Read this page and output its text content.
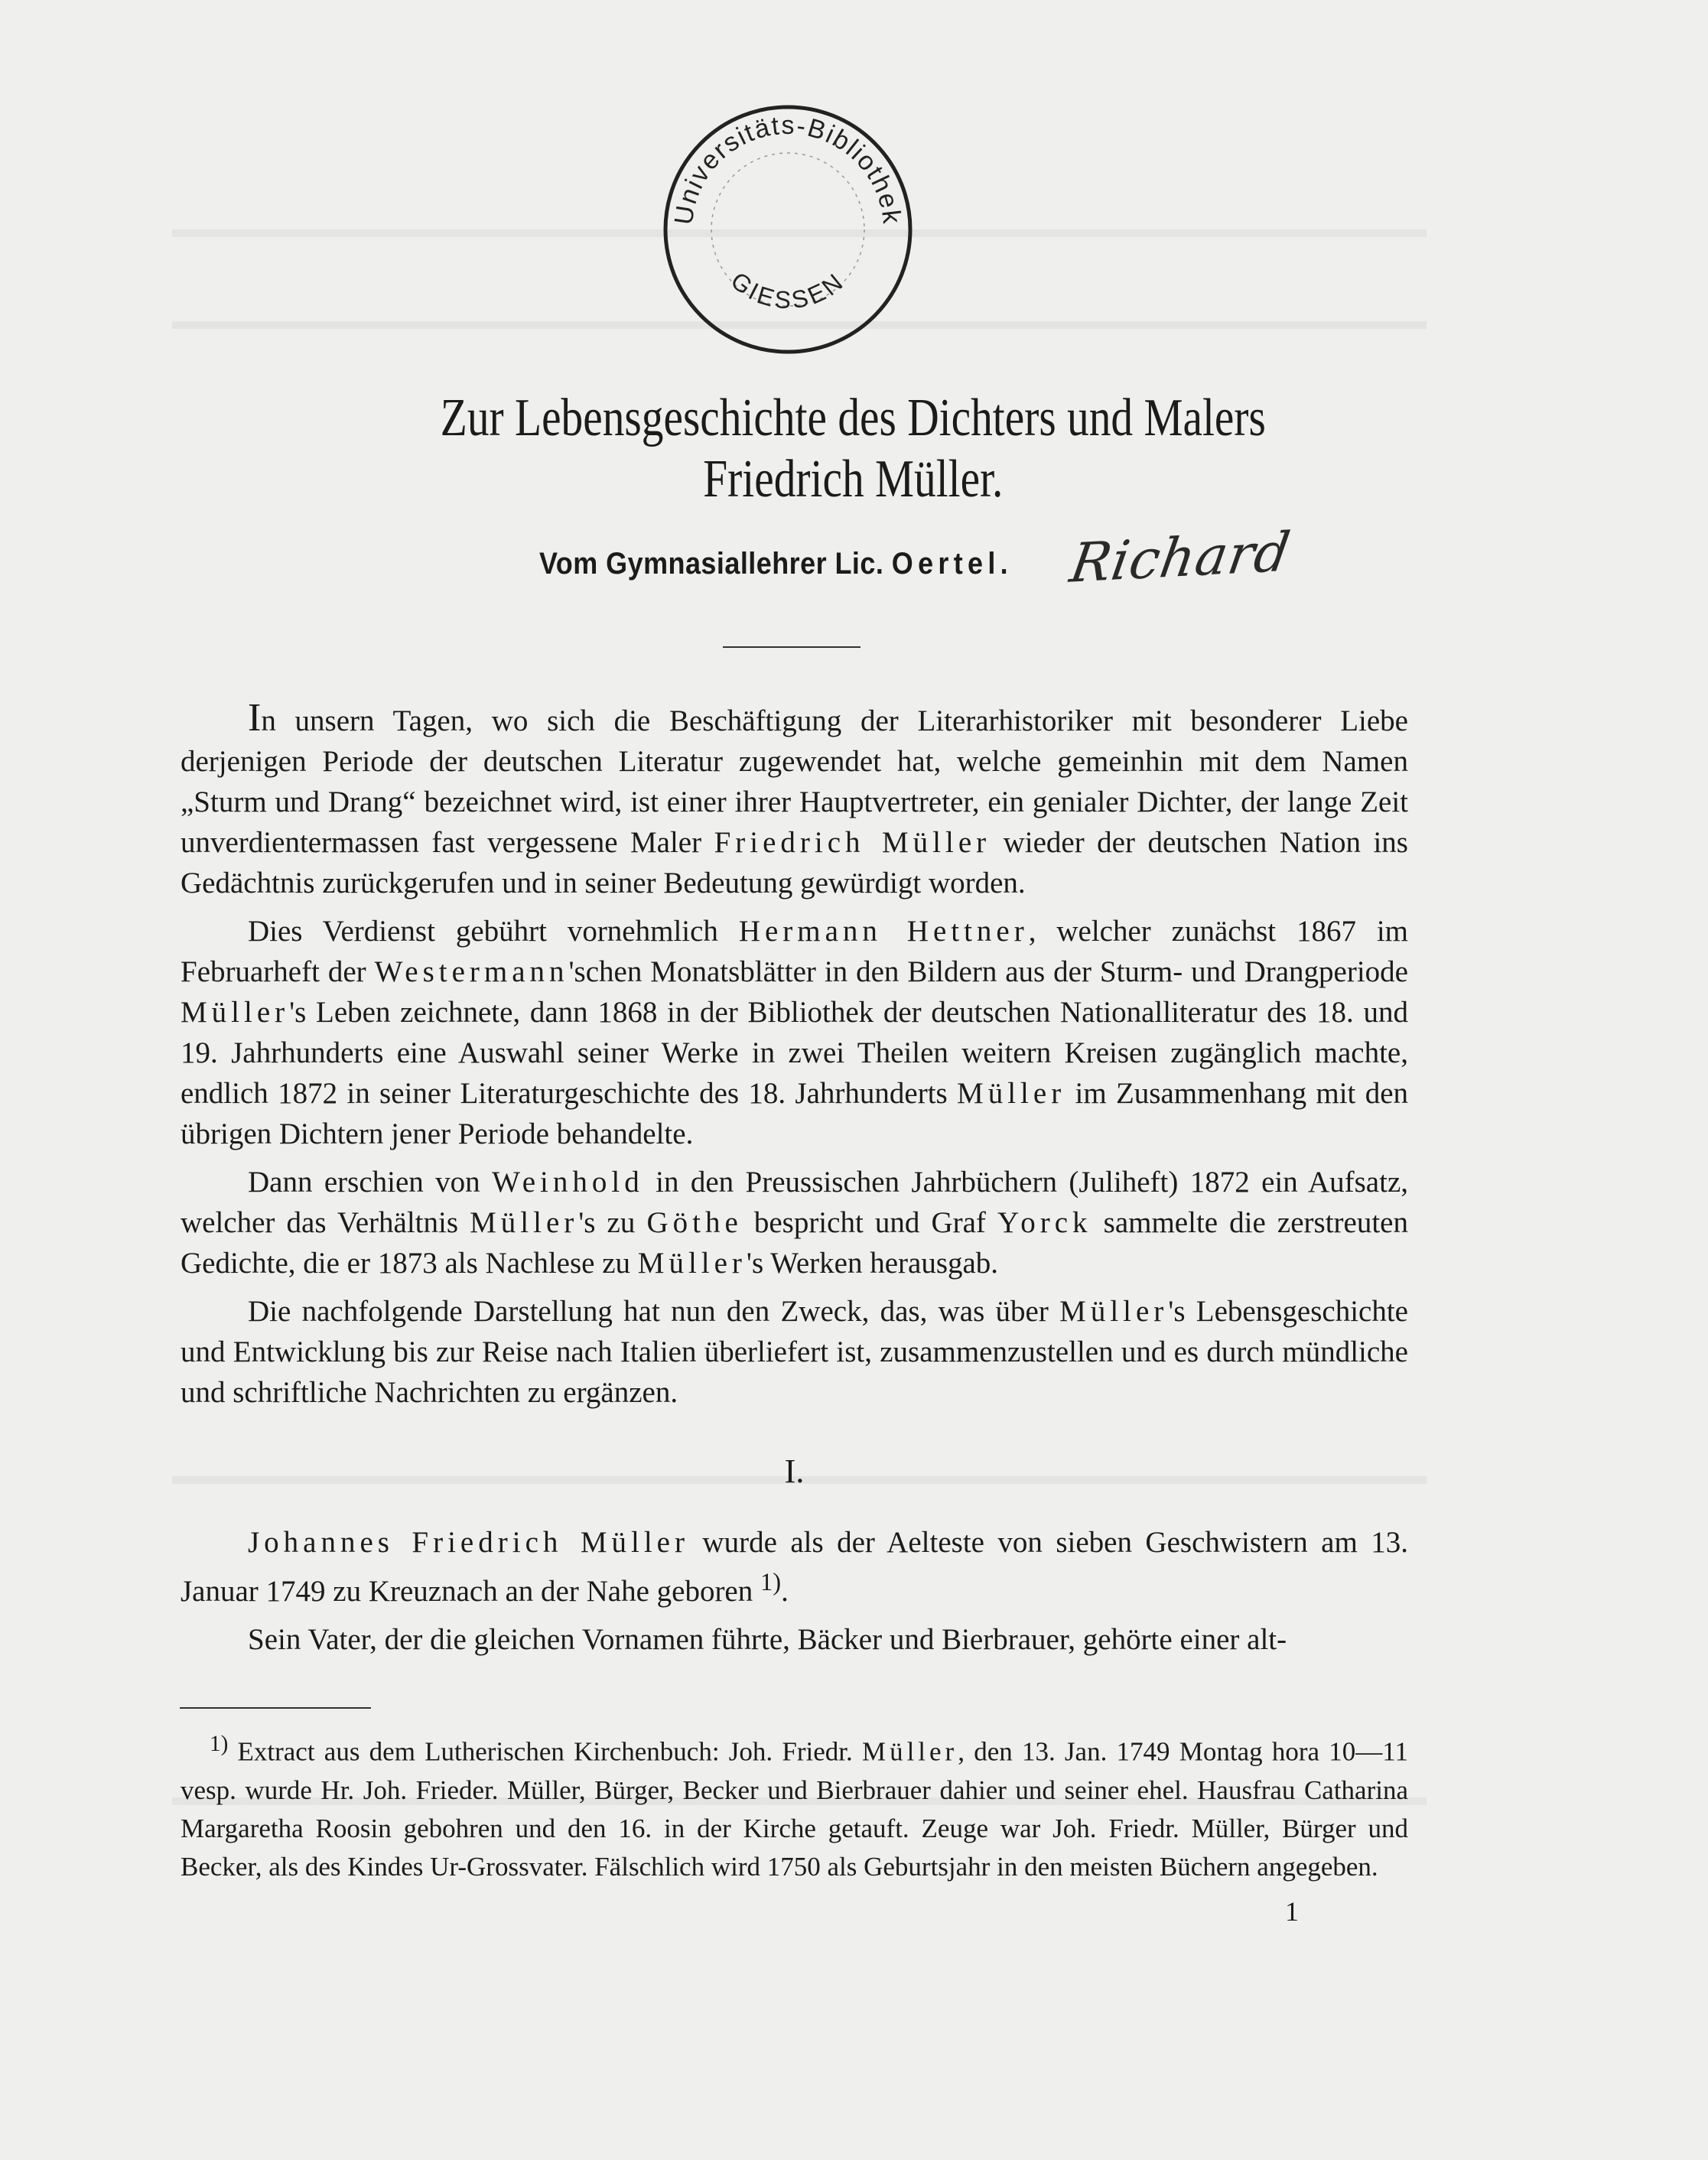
Universitäts-Bibliothek
GIESSEN
Zur Lebensgeschichte des Dichters und Malers
Friedrich Müller.
Vom Gymnasiallehrer Lic. Oertel. Richard

In unsern Tagen, wo sich die Beschäftigung der Literarhistoriker mit besonderer Liebe derjenigen Periode der deutschen Literatur zugewendet hat, welche gemeinhin mit dem Namen „Sturm und Drang“ bezeichnet wird, ist einer ihrer Hauptvertreter, ein genialer Dichter, der lange Zeit unverdientermassen fast vergessene Maler Friedrich Müller wieder der deutschen Nation ins Gedächtnis zurückgerufen und in seiner Bedeutung gewürdigt worden.

Dies Verdienst gebührt vornehmlich Hermann Hettner, welcher zunächst 1867 im Februarheft der Westermann'schen Monatsblätter in den Bildern aus der Sturm- und Drangperiode Müller's Leben zeichnete, dann 1868 in der Bibliothek der deutschen Nationalliteratur des 18. und 19. Jahrhunderts eine Auswahl seiner Werke in zwei Theilen weitern Kreisen zugänglich machte, endlich 1872 in seiner Literaturgeschichte des 18. Jahrhunderts Müller im Zusammenhang mit den übrigen Dichtern jener Periode behandelte.

Dann erschien von Weinhold in den Preussischen Jahrbüchern (Juliheft) 1872 ein Aufsatz, welcher das Verhältnis Müller's zu Göthe bespricht und Graf Yorck sammelte die zerstreuten Gedichte, die er 1873 als Nachlese zu Müller's Werken herausgab.

Die nachfolgende Darstellung hat nun den Zweck, das, was über Müller's Lebensgeschichte und Entwicklung bis zur Reise nach Italien überliefert ist, zusammenzustellen und es durch mündliche und schriftliche Nachrichten zu ergänzen.

I.

Johannes Friedrich Müller wurde als der Aelteste von sieben Geschwistern am 13. Januar 1749 zu Kreuznach an der Nahe geboren $^{1)}$.

Sein Vater, der die gleichen Vornamen führte, Bäcker und Bierbrauer, gehörte einer alt-

$^{1)}$ Extract aus dem Lutherischen Kirchenbuch: Joh. Friedr. Müller, den 13. Jan. 1749 Montag hora 10—11 vesp. wurde Hr. Joh. Frieder. Müller, Bürger, Becker und Bierbrauer dahier und seiner ehel. Hausfrau Catharina Margaretha Roosin gebohren und den 16. in der Kirche getauft. Zeuge war Joh. Friedr. Müller, Bürger und Becker, als des Kindes Ur-Grossvater. Fälschlich wird 1750 als Geburtsjahr in den meisten Büchern angegeben.

1
